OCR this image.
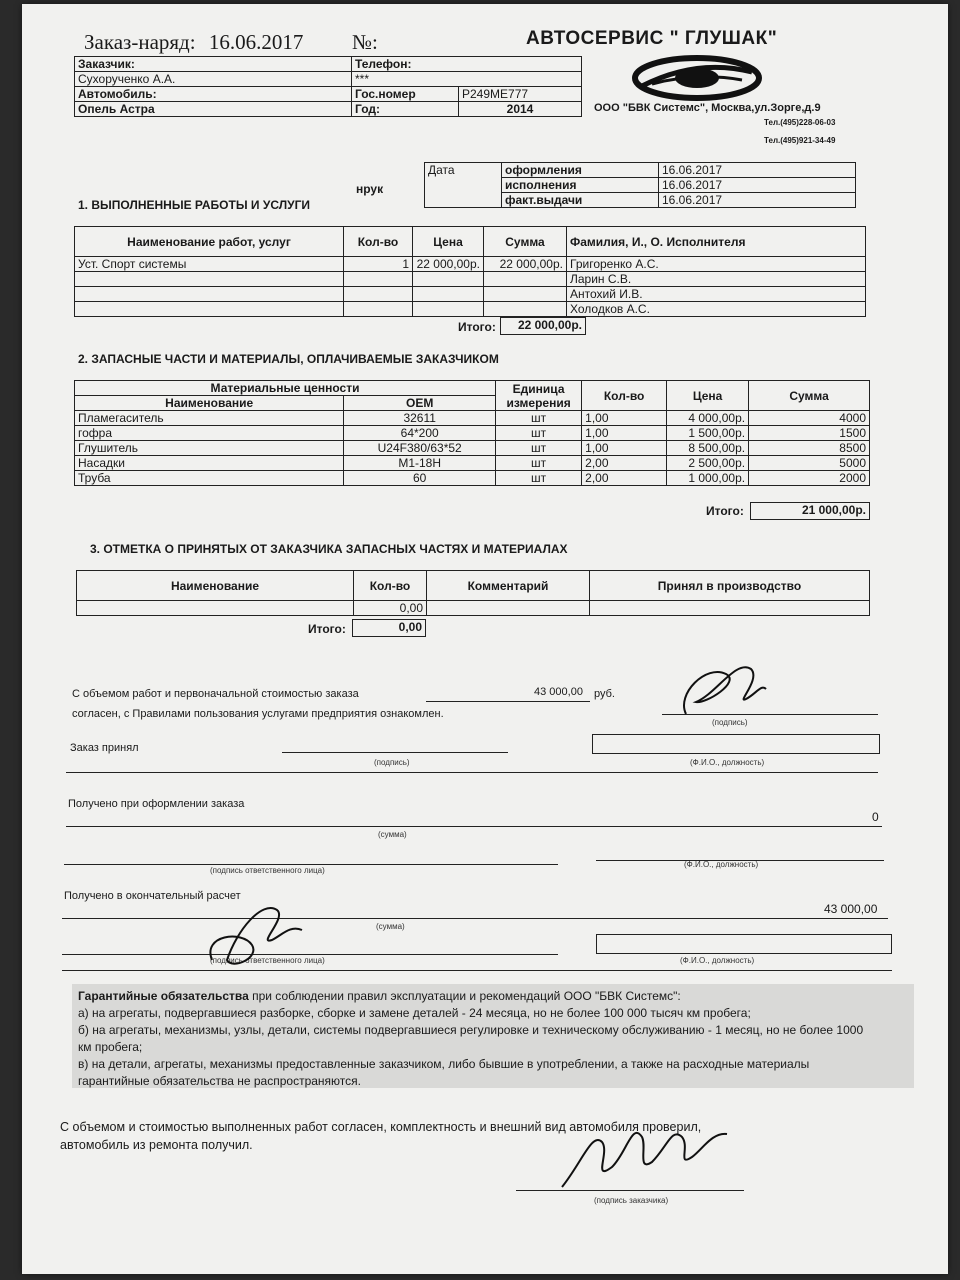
Заказ-наряд: 16.06.2017 №:	АВТОСЕРВИС " ГЛУШАК"
ООО "БВК Системс", Москва,ул.Зорге,д.9
Тел.(495)228-06-03
Тел.(495)921-34-49
Заказчик:	Телефон:	
Сухорученко А.А.	***	
Автомобиль:	Гос.номер	Р249МЕ777
Опель Астра	Год:	2014
нрук
Дата	оформления	16.06.2017
	исполнения	16.06.2017
	факт.выдачи	16.06.2017
1. ВЫПОЛНЕННЫЕ РАБОТЫ И УСЛУГИ
Наименование работ, услуг	Кол-во	Цена	Сумма	Фамилия, И., О. Исполнителя
Уст. Спорт системы	1	22 000,00р.	22 000,00р.	Григоренко А.С.
				Ларин С.В.
				Антохий И.В.
				Холодков А.С.
Итого:	22 000,00р.
2. ЗАПАСНЫЕ ЧАСТИ И МАТЕРИАЛЫ, ОПЛАЧИВАЕМЫЕ ЗАКАЗЧИКОМ
Материальные ценности		Единица измерения	Кол-во	Цена	Сумма
Наименование	OEM				
Пламегаситель	32611	шт	1,00	4 000,00р.	4000
гофра	64*200	шт	1,00	1 500,00р.	1500
Глушитель	U24F380/63*52	шт	1,00	8 500,00р.	8500
Насадки	M1-18H	шт	2,00	2 500,00р.	5000
Труба	60	шт	2,00	1 000,00р.	2000
Итого:	21 000,00р.
3. ОТМЕТКА О ПРИНЯТЫХ ОТ ЗАКАЗЧИКА ЗАПАСНЫХ ЧАСТЯХ И МАТЕРИАЛАХ
Наименование	Кол-во	Комментарий	Принял в производство
	0,00		
Итого:	0,00
С объемом работ и первоначальной стоимостью заказа	43 000,00 руб.
согласен, с Правилами пользования услугами предприятия ознакомлен.
(подпись)
Заказ принял
(подпись)	(Ф.И.О., должность)
Получено при оформлении заказа
0
(сумма)
(подпись ответственного лица)
(Ф.И.О., должность)
Получено в окончательный расчет
43 000,00
(сумма)
(подпись ответственного лица)	(Ф.И.О., должность)
Гарантийные обязательства при соблюдении правил эксплуатации и рекомендаций ООО "БВК Системс":
а) на агрегаты, подвергавшиеся разборке, сборке и замене деталей - 24 месяца, но не более 100 000 тысяч км пробега;
б) на агрегаты, механизмы, узлы, детали, системы подвергавшиеся регулировке и техническому обслуживанию - 1 месяц, но не более 1000
км пробега;
в) на детали, агрегаты, механизмы предоставленные заказчиком, либо бывшие в употреблении, а также на расходные материалы
гарантийные обязательства не распространяются.
С объемом и стоимостью выполненных работ согласен, комплектность и внешний вид автомобиля проверил,
автомобиль из ремонта получил.
(подпись заказчика)
